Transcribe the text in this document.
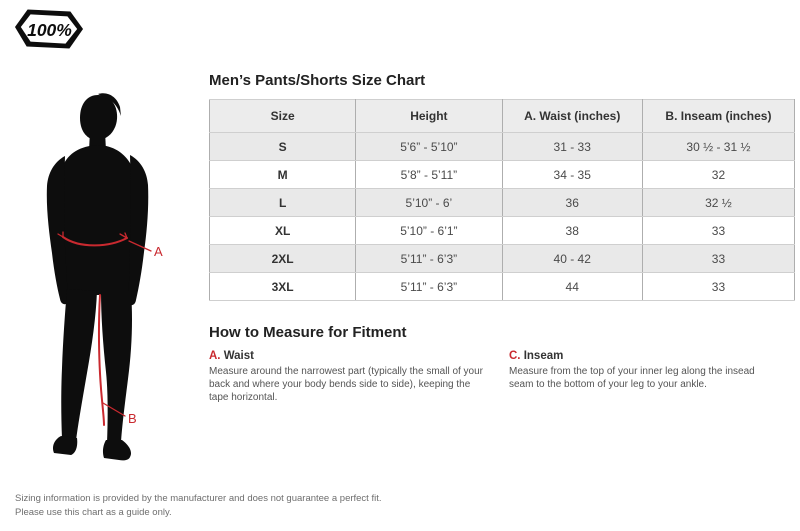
100%
A
B
Men’s Pants/Shorts Size Chart
Size	Height	A. Waist (inches)	B. Inseam (inches)
S	5’6” - 5’10”	31 - 33	30 ½ - 31 ½
M	5’8” - 5’11”	34 - 35	32
L	5’10” - 6’	36	32 ½
XL	5’10” - 6’1”	38	33
2XL	5’11” - 6’3”	40 - 42	33
3XL	5’11” - 6’3”	44	33
How to Measure for Fitment
A. Waist

Measure around the narrowest part (typically the small of your back and where your body bends side to side), keeping the tape horizontal.

C. Inseam

Measure from the top of your inner leg along the insead seam to the bottom of your leg to your ankle.

Sizing information is provided by the manufacturer and does not guarantee a perfect fit.
Please use this chart as a guide only.
